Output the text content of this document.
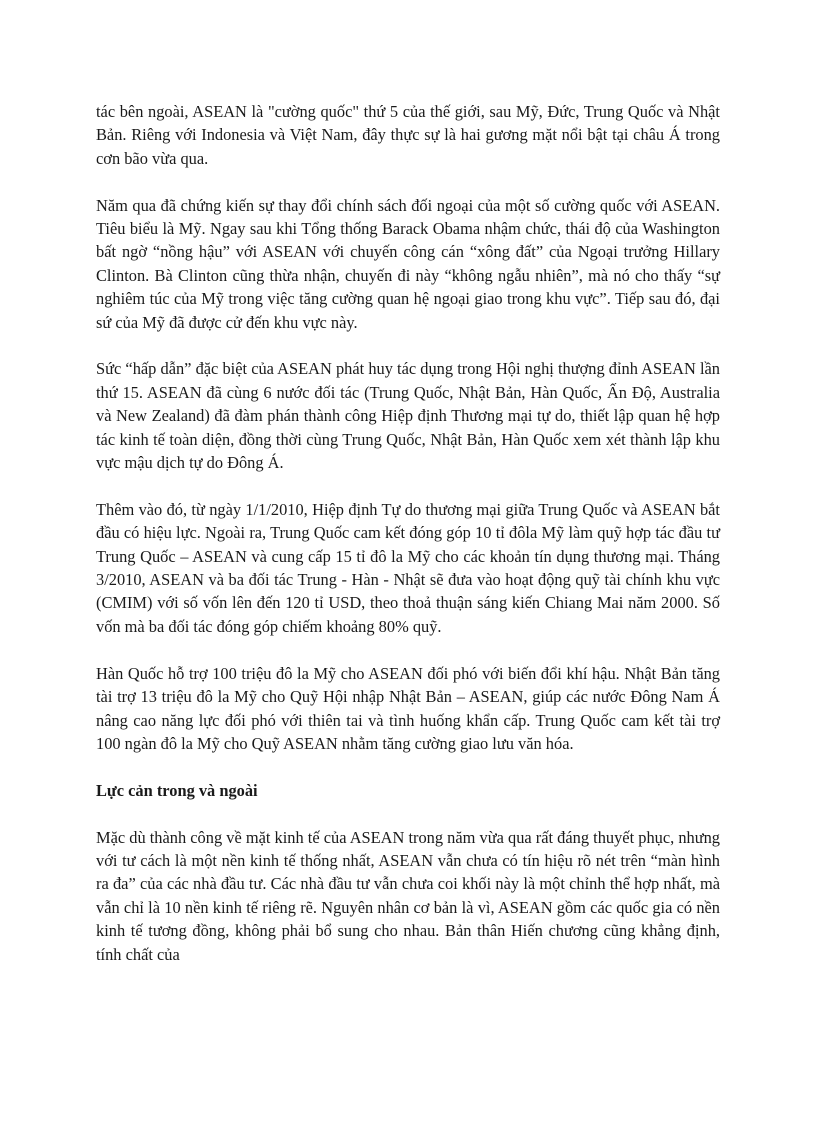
tác bên ngoài, ASEAN là "cường quốc" thứ 5 của thế giới, sau Mỹ, Đức, Trung Quốc và Nhật Bản. Riêng với Indonesia và Việt Nam, đây thực sự là hai gương mặt nổi bật tại châu Á trong cơn bão vừa qua.

Năm qua đã chứng kiến sự thay đổi chính sách đối ngoại của một số cường quốc với ASEAN. Tiêu biểu là Mỹ. Ngay sau khi Tổng thống Barack Obama nhậm chức, thái độ của Washington bất ngờ “nồng hậu” với ASEAN với chuyến công cán “xông đất” của Ngoại trưởng Hillary Clinton. Bà Clinton cũng thừa nhận, chuyến đi này “không ngẫu nhiên”, mà nó cho thấy “sự nghiêm túc của Mỹ trong việc tăng cường quan hệ ngoại giao trong khu vực”. Tiếp sau đó, đại sứ của Mỹ đã được cử đến khu vực này.

Sức “hấp dẫn” đặc biệt của ASEAN phát huy tác dụng trong Hội nghị thượng đỉnh ASEAN lần thứ 15. ASEAN đã cùng 6 nước đối tác (Trung Quốc, Nhật Bản, Hàn Quốc, Ấn Độ, Australia và New Zealand) đã đàm phán thành công Hiệp định Thương mại tự do, thiết lập quan hệ hợp tác kinh tế toàn diện, đồng thời cùng Trung Quốc, Nhật Bản, Hàn Quốc xem xét thành lập khu vực mậu dịch tự do Đông Á.

Thêm vào đó, từ ngày 1/1/2010, Hiệp định Tự do thương mại giữa Trung Quốc và ASEAN bắt đầu có hiệu lực. Ngoài ra, Trung Quốc cam kết đóng góp 10 tỉ đôla Mỹ làm quỹ hợp tác đầu tư Trung Quốc – ASEAN và cung cấp 15 tỉ đô la Mỹ cho các khoản tín dụng thương mại. Tháng 3/2010, ASEAN và ba đối tác Trung - Hàn - Nhật sẽ đưa vào hoạt động quỹ tài chính khu vực (CMIM) với số vốn lên đến 120 tỉ USD, theo thoả thuận sáng kiến Chiang Mai năm 2000. Số vốn mà ba đối tác đóng góp chiếm khoảng 80% quỹ.

Hàn Quốc hỗ trợ 100 triệu đô la Mỹ cho ASEAN đối phó với biến đổi khí hậu. Nhật Bản tăng tài trợ 13 triệu đô la Mỹ cho Quỹ Hội nhập Nhật Bản – ASEAN, giúp các nước Đông Nam Á nâng cao năng lực đối phó với thiên tai và tình huống khẩn cấp. Trung Quốc cam kết tài trợ 100 ngàn đô la Mỹ cho Quỹ ASEAN nhằm tăng cường giao lưu văn hóa.

Lực cản trong và ngoài

Mặc dù thành công về mặt kinh tế của ASEAN trong năm vừa qua rất đáng thuyết phục, nhưng với tư cách là một nền kinh tế thống nhất, ASEAN vẫn chưa có tín hiệu rõ nét trên “màn hình ra đa” của các nhà đầu tư. Các nhà đầu tư vẫn chưa coi khối này là một chỉnh thể hợp nhất, mà vẫn chỉ là 10 nền kinh tế riêng rẽ. Nguyên nhân cơ bản là vì, ASEAN gồm các quốc gia có nền kinh tế tương đồng, không phải bổ sung cho nhau. Bản thân Hiến chương cũng khẳng định, tính chất của
